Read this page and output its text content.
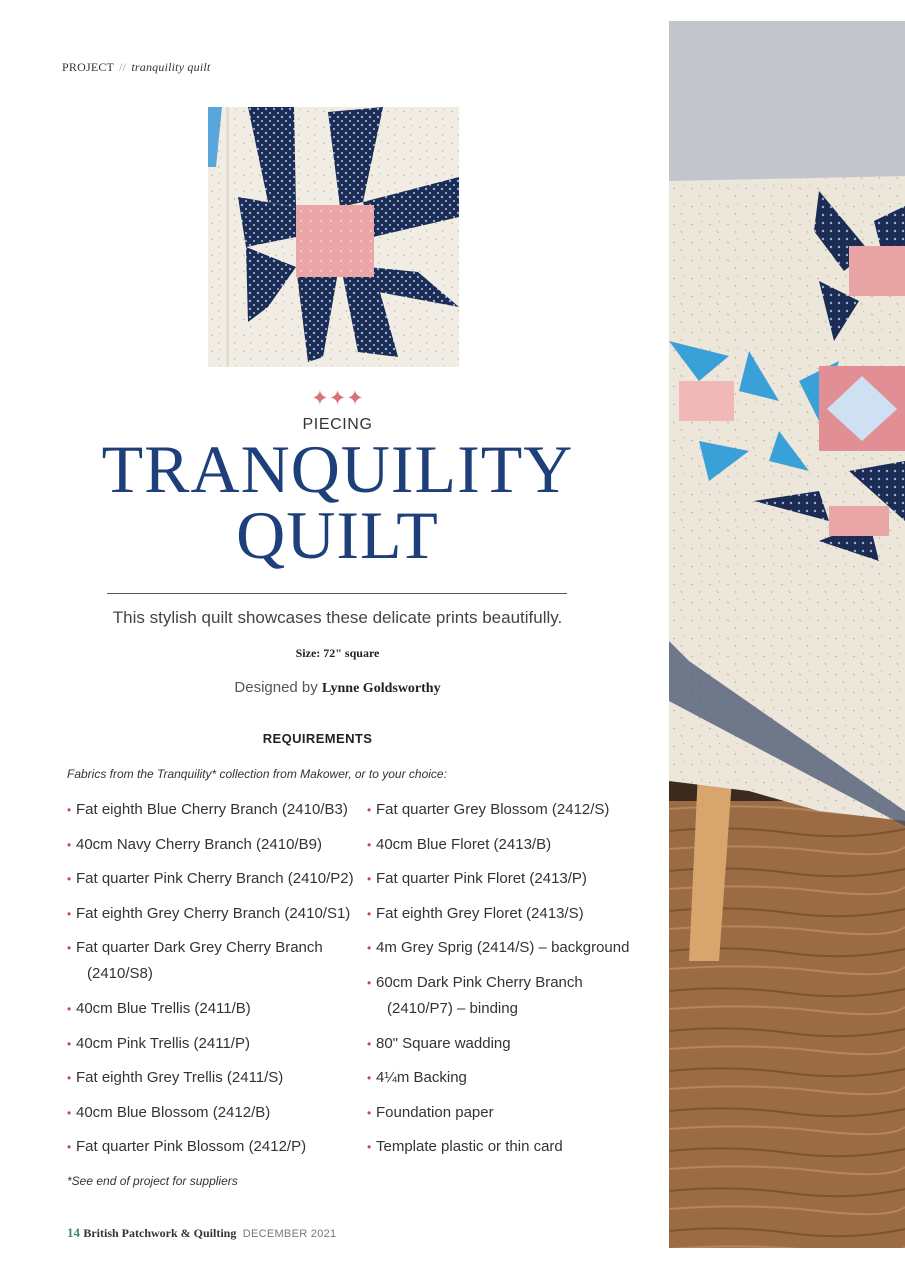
PROJECT // tranquility quilt
✦✦✦
PIECING
TRANQUILITY
QUILT
This stylish quilt showcases these delicate prints beautifully.
Size: 72" square
Designed by Lynne Goldsworthy
REQUIREMENTS
Fabrics from the Tranquility* collection from Makower, or to your choice:
• Fat eighth Blue Cherry Branch (2410/B3)
• 40cm Navy Cherry Branch (2410/B9)
• Fat quarter Pink Cherry Branch (2410/P2)
• Fat eighth Grey Cherry Branch (2410/S1)
• Fat quarter Dark Grey Cherry Branch
(2410/S8)
• 40cm Blue Trellis (2411/B)
• 40cm Pink Trellis (2411/P)
• Fat eighth Grey Trellis (2411/S)
• 40cm Blue Blossom (2412/B)
• Fat quarter Pink Blossom (2412/P)
• Fat quarter Grey Blossom (2412/S)
• 40cm Blue Floret (2413/B)
• Fat quarter Pink Floret (2413/P)
• Fat eighth Grey Floret (2413/S)
• 4m Grey Sprig (2414/S) – background
• 60cm Dark Pink Cherry Branch
(2410/P7) – binding
• 80" Square wadding
• 4¼m Backing
• Foundation paper
• Template plastic or thin card
*See end of project for suppliers
14 British Patchwork & Quilting DECEMBER 2021
